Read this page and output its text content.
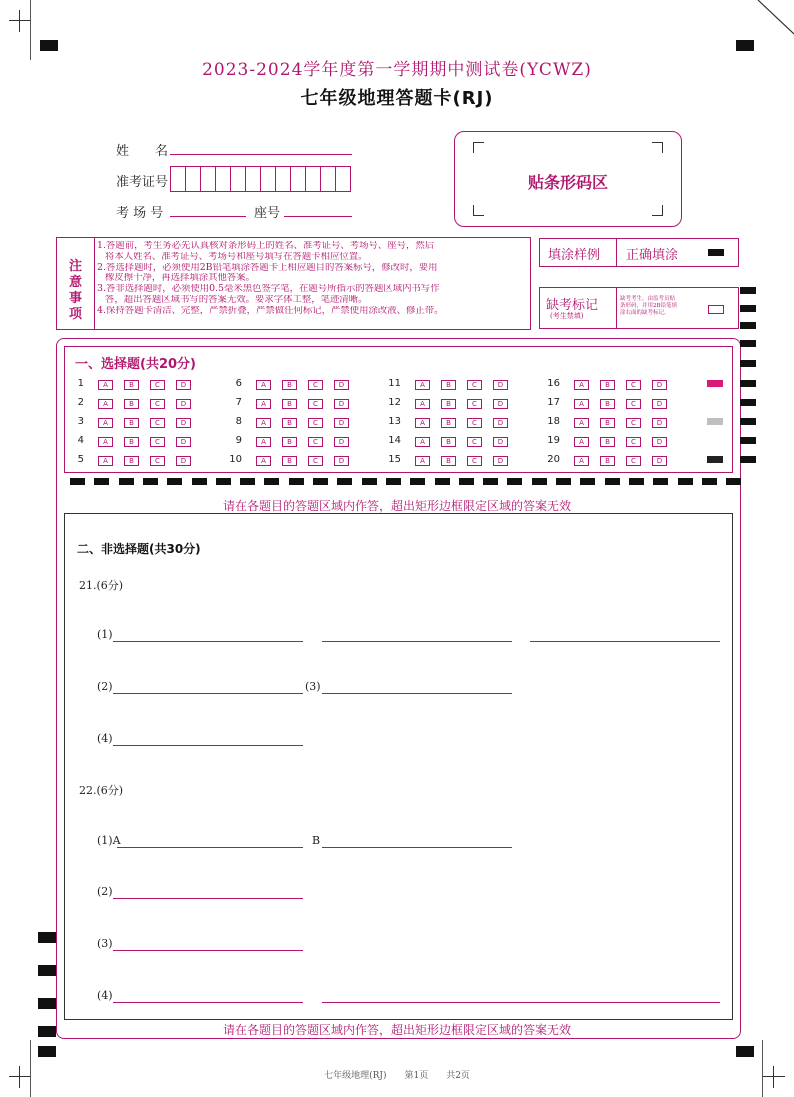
2023-2024学年度第一学期期中测试卷(YCWZ)
七年级地理答题卡(RJ)
姓　　名
准考证号
考 场 号	座号
贴条形码区
注
意
事
项
1.答题前，考生务必先认真核对条形码上的姓名、准考证号、考场号、座号，然后
将本人姓名、准考证号、考场号和座号填写在答题卡相应位置。
2.答选择题时，必须使用2B铅笔填涂答题卡上相应题目的答案标号，修改时，要用
橡皮擦干净，再选择填涂其他答案。
3.答非选择题时，必须使用0.5毫米黑色签字笔，在题号所指示的答题区域内书写作
答，超出答题区域书写的答案无效。要求字体工整，笔迹清晰。
4.保持答题卡清洁、完整，严禁折叠，严禁做任何标记，严禁使用涂改液、修正带。
填涂样例 正确填涂
缺考标记
(考生禁填)
缺考考生，由监考员贴
条形码，并用2B铅笔填
涂右面的缺考标记。
一、选择题(共20分)
1	A	B	C	D
2	A	B	C	D
3	A	B	C	D
4	A	B	C	D
5	A	B	C	D
6	A	B	C	D
7	A	B	C	D
8	A	B	C	D
9	A	B	C	D
10	A	B	C	D
11	A	B	C	D
12	A	B	C	D
13	A	B	C	D
14	A	B	C	D
15	A	B	C	D
16	A	B	C	D
17	A	B	C	D
18	A	B	C	D
19	A	B	C	D
20	A	B	C	D
请在各题目的答题区域内作答，超出矩形边框限定区域的答案无效
请在各题目的答题区域内作答，超出矩形边框限定区域的答案无效
二、非选择题(共30分)
21.(6分)
(1)
(2)	(3)
(4)
22.(6分)
(1)A	B
(2)
(3)
(4)
七年级地理(RJ)　　第1页　　共2页
